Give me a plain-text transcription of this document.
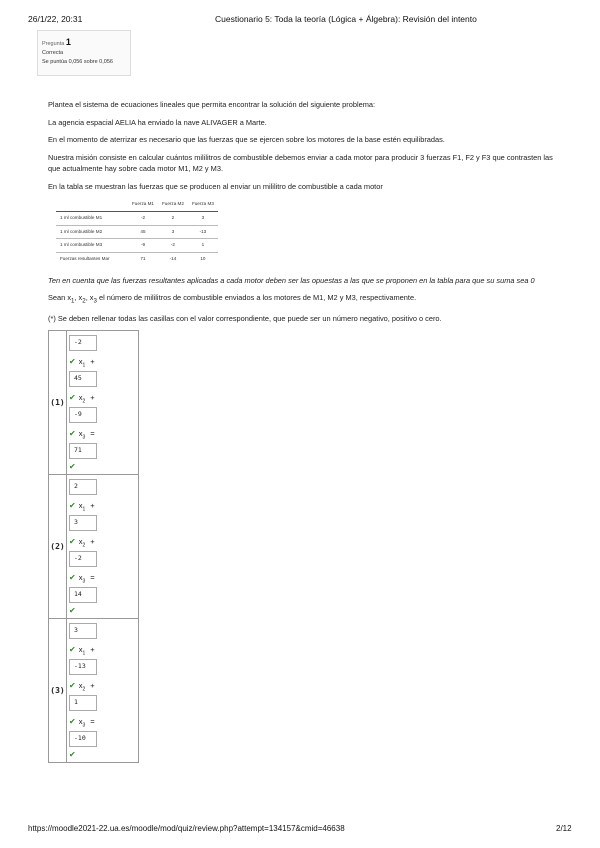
26/1/22, 20:31	Cuestionario 5: Toda la teoría (Lógica + Álgebra): Revisión del intento
Pregunta 1
Correcta
Se puntúa 0,056 sobre 0,056

Plantea el sistema de ecuaciones lineales que permita encontrar la solución del siguiente problema:

La agencia espacial AELIA ha enviado la nave ALIVAGER a Marte.

En el momento de aterrizar es necesario que las fuerzas que se ejercen sobre los motores de la base estén equilibradas.

Nuestra misión consiste en calcular cuántos mililitros de combustible debemos enviar a cada motor para producir 3 fuerzas F1, F2 y F3 que contrasten las que actualmente hay sobre cada motor M1, M2 y M3.

En la tabla se muestran las fuerzas que se producen al enviar un mililitro de combustible a cada motor

	Fuerza M1	Fuerza M2	Fuerza M3
1 ml combustible M1	-2	2	3
1 ml combustible M2	45	3	-13
1 ml combustible M3	-9	-2	1
Fuerzas resultantes Mar	71	-14	10

Ten en cuenta que las fuerzas resultantes aplicadas a cada motor deben ser las opuestas a las que se proponen en la tabla para que su suma sea 0

Sean $x_1$, $x_2$, $x_3$ el número de mililitros de combustible enviados a los motores de M1, M2 y M3, respectivamente.

(*) Se deben rellenar todas las casillas con el valor correspondiente, que puede ser un número negativo, positivo o cero.

(1)
-2
✔ $x_1$ +
45
✔ $x_2$ +
-9
✔ $x_3$ =
71
✔
(2)
2
✔ $x_1$ +
3
✔ $x_2$ +
-2
✔ $x_3$ =
14
✔
(3)
3
✔ $x_1$ +
-13
✔ $x_2$ +
1
✔ $x_3$ =
-10
✔
https://moodle2021-22.ua.es/moodle/mod/quiz/review.php?attempt=134157&cmid=46638	2/12
